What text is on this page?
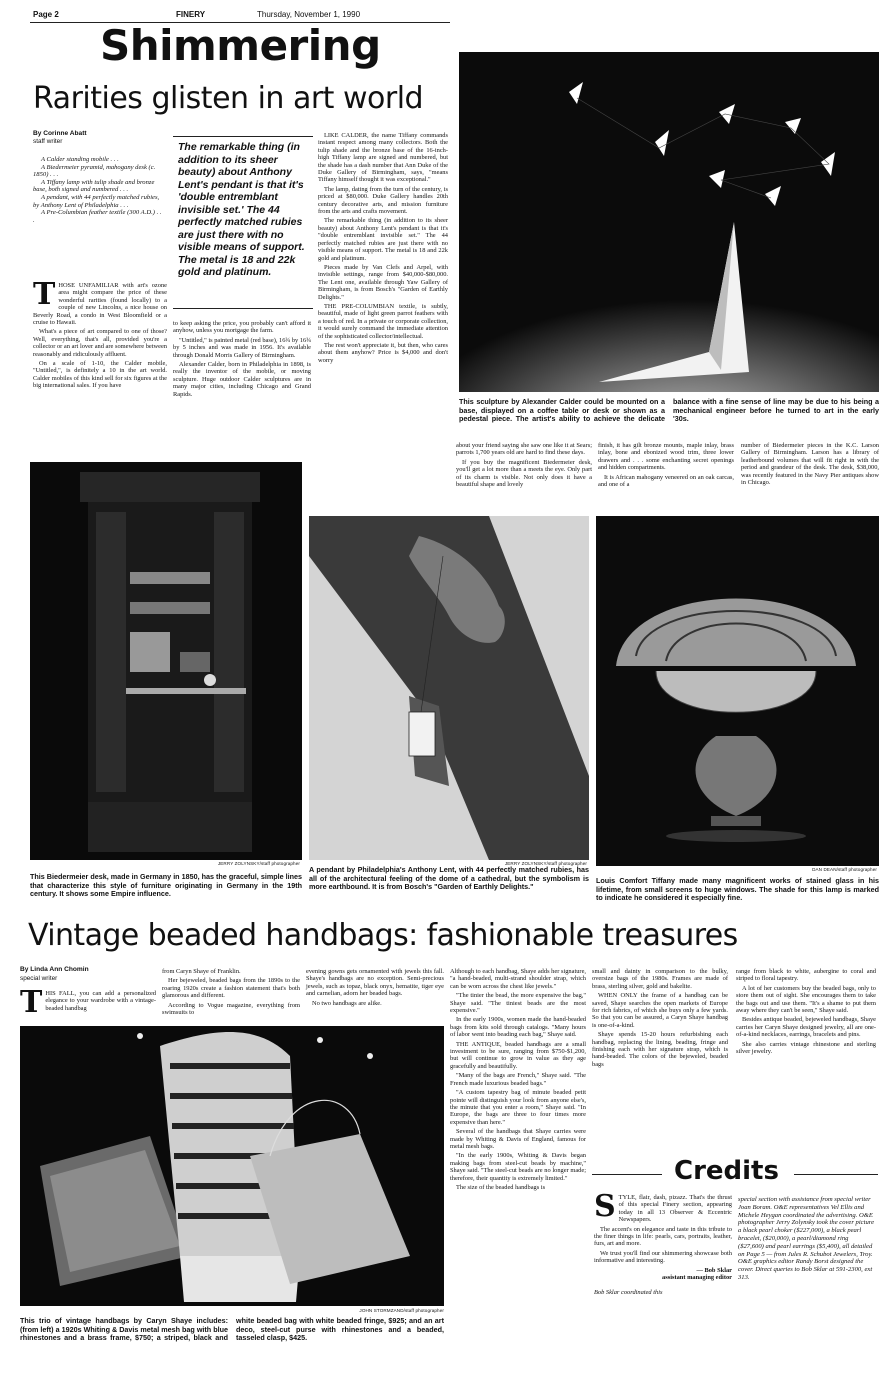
Page 2	FINERY	Thursday, November 1, 1990
Shimmering
Rarities glisten in art world
By Corinne Abatt
staff writer
A Calder standing mobile . . .
A Biedermeier pyramid, mahogany desk (c. 1850) . . .
A Tiffany lamp with tulip shade and bronze base, both signed and numbered . . .
A pendant, with 44 perfectly matched rubies, by Anthony Lent of Philadelphia . . .
A Pre-Columbian feather textile (300 A.D.) . . .
The remarkable thing (in addition to its sheer beauty) about Anthony Lent's pendant is that it's 'double entremblant invisible set.' The 44 perfectly matched rubies are just there with no visible means of support. The metal is 18 and 22k gold and platinum.

THOSE UNFAMILIAR with art's ozone area might compare the price of these wonderful rarities (found locally) to a couple of new Lincolns, a nice house on Beverly Road, a condo in West Bloomfield or a cruise to Hawaii.

What's a piece of art compared to one of those? Well, everything, that's all, provided you're a collector or an art lover and are somewhere between reasonably and ridiculously affluent.

On a scale of 1-10, the Calder mobile, "Untitled,", is definitely a 10 in the art world. Calder mobiles of this kind sell for six figures at the big international sales. If you have

to keep asking the price, you probably can't afford it anyhow, unless you mortgage the farm.

"Untitled," is painted metal (red base), 16¾ by 16¾ by 5 inches and was made in 1956. It's available through Donald Morris Gallery of Birmingham.

Alexander Calder, born in Philadelphia in 1898, is really the inventor of the mobile, or moving sculpture. Huge outdoor Calder sculptures are in many major cities, including Chicago and Grand Rapids.

LIKE CALDER, the name Tiffany commands instant respect among many collectors. Both the tulip shade and the bronze base of the 16-inch-high Tiffany lamp are signed and numbered, but the shade has a dash number that Ann Duke of the Duke Gallery of Birmingham, says, "means Tiffany himself thought it was exceptional."

The lamp, dating from the turn of the century, is priced at $80,000. Duke Gallery handles 20th century decorative arts, and mission furniture from the arts and crafts movement.

The remarkable thing (in addition to its sheer beauty) about Anthony Lent's pendant is that it's "double entremblant invisible set." The 44 perfectly matched rubies are just there with no visible means of support. The metal is 18 and 22k gold and platinum.

Pieces made by Van Clefs and Arpel, with invisible settings, range from $40,000-$80,000. The Lent one, available through Yaw Gallery of Birmingham, is from Bosch's "Garden of Earthly Delights."

THE PRE-COLUMBIAN textile, is subtly, beautiful, made of light green parrot feathers with a touch of red. In a private or corporate collection, it would surely command the immediate attention of the sophisticated collector/intellectual.

The rest won't appreciate it, but then, who cares about them anyhow? Price is $4,000 and don't worry

This sculpture by Alexander Calder could be mounted on a base, displayed on a coffee table or desk or shown as a pedestal piece. The artist's ability to achieve the delicate balance with a fine sense of line may be due to his being a mechanical engineer before he turned to art in the early '30s.

about your friend saying she saw one like it at Sears; parrots 1,700 years old are hard to find these days.

If you buy the magnificent Biedermeier desk, you'll get a lot more than a meets the eye. Only part of its charm is visible. Not only does it have a beautiful shape and lovely

finish, it has gilt bronze mounts, maple inlay, brass inlay, bone and ebonized wood trim, three lower drawers and . . . some enchanting secret openings and hidden compartments.

It is African mahogany veneered on an oak carcas, and one of a

number of Biedermeier pieces in the K.C. Larson Gallery of Birmingham. Larson has a library of leatherbound volumes that will fit right in with the period and grandeur of the desk. The desk, $38,000, was recently featured in the Navy Pier antiques show in Chicago.

JERRY ZOLYNSKY/staff photographer	JERRY ZOLYNSKY/staff photographer
DAN DEAN/staff photographer
This Biedermeier desk, made in Germany in 1850, has the graceful, simple lines that characterize this style of furniture originating in Germany in the 19th century. It shows some Empire influence.
A pendant by Philadelphia's Anthony Lent, with 44 perfectly matched rubies, has all of the architectural feeling of the dome of a cathedral, but the symbolism is more earthbound. It is from Bosch's "Garden of Earthly Delights."
Louis Comfort Tiffany made many magnificent works of stained glass in his lifetime, from small screens to huge windows. The shade for this lamp is marked to indicate he considered it especially fine.
Vintage beaded handbags: fashionable treasures
By Linda Ann Chomin
special writer

THIS FALL, you can add a personalized elegance to your wardrobe with a vintage-beaded handbag

from Caryn Shaye of Franklin.

Her bejeweled, beaded bags from the 1890s to the roaring 1920s create a fashion statement that's both glamorous and different.

According to Vogue magazine, everything from swimsuits to

evening gowns gets ornamented with jewels this fall. Shaye's handbags are no exception. Semi-precious jewels, such as topaz, black onyx, hematite, tiger eye and carnelian, adorn her beaded bags.

No two handbags are alike.

Although to each handbag, Shaye adds her signature, "a hand-beaded, multi-strand shoulder strap, which can be worn across the chest like jewels."

"The tinier the bead, the more expensive the bag," Shaye said. "The tiniest beads are the most expensive."

In the early 1900s, women made the hand-beaded bags from kits sold through catalogs. "Many hours of labor went into beading each bag," Shaye said.

THE ANTIQUE, beaded handbags are a small investment to be sure, ranging from $750-$1,200, but will continue to grow in value as they age gracefully and beautifully.

"Many of the bags are French," Shaye said. "The French made luxurious beaded bags."

"A custom tapestry bag of minute beaded petit pointe will distinguish your look from anyone else's, the minute that you enter a room," Shaye said. "In Europe, the bags are three to four times more expensive than here."

Several of the handbags that Shaye carries were made by Whiting & Davis of England, famous for metal mesh bags.

"In the early 1900s, Whiting & Davis began making bags from steel-cut beads by machine," Shaye said. "The steel-cut beads are no longer made; therefore, their quantity is extremely limited."

The size of the beaded handbags is

small and dainty in comparison to the bulky, oversize bags of the 1980s. Frames are made of brass, sterling silver, gold and bakelite.

WHEN ONLY the frame of a handbag can be saved, Shaye searches the open markets of Europe for rich fabrics, of which she buys only a few yards. So that you can be assured, a Caryn Shaye handbag is one-of-a-kind.

Shaye spends 15-20 hours refurbishing each handbag, replacing the lining, beading, fringe and finishing each with her signature strap, which is hand-beaded. The colors of the bejeweled, beaded bags

range from black to white, aubergine to coral and striped to floral tapestry.

A lot of her customers buy the beaded bags, only to store them out of sight. She encourages them to take the bags out and use them. "It's a shame to put them away where they can't be seen," Shaye said.

Besides antique beaded, bejeweled handbags, Shaye carries her Caryn Shaye designed jewelry, all are one-of-a-kind necklaces, earrings, bracelets and pins.

She also carries vintage rhinestone and sterling silver jewelry.

JOHN STORMZAND/staff photographer
This trio of vintage handbags by Caryn Shaye includes: (from left) a 1920s Whiting & Davis metal mesh bag with blue rhinestones and a brass frame, $750; a striped, black and white beaded bag with white beaded fringe, $925; and an art deco, steel-cut purse with rhinestones and a beaded, tasseled clasp, $425.
Credits

STYLE, flair, dash, pizazz. That's the thrust of this special Finery section, appearing today in all 13 Observer & Eccentric Newspapers.

The accent's on elegance and taste in this tribute to the finer things in life: pearls, cars, portraits, leather, furs, art and more.

We trust you'll find our shimmering showcase both informative and interesting.

— Bob Sklar
assistant managing editor
Bob Sklar coordinated this
special section with assistance from special writer Joan Boram. O&E representatives Vel Ellis and Michele Heygan coordinated the advertising. O&E photographer Jerry Zolynsky took the cover picture a black pearl choker ($227,000), a black pearl bracelet, ($20,000), a pearl/diamond ring ($27,600) and pearl earrings ($5,400), all detailed on Page 5 — from Jules R. Schubot Jewelers, Troy. O&E graphics editor Randy Borst designed the cover. Direct queries to Bob Sklar at 591-2300, ext 313.
